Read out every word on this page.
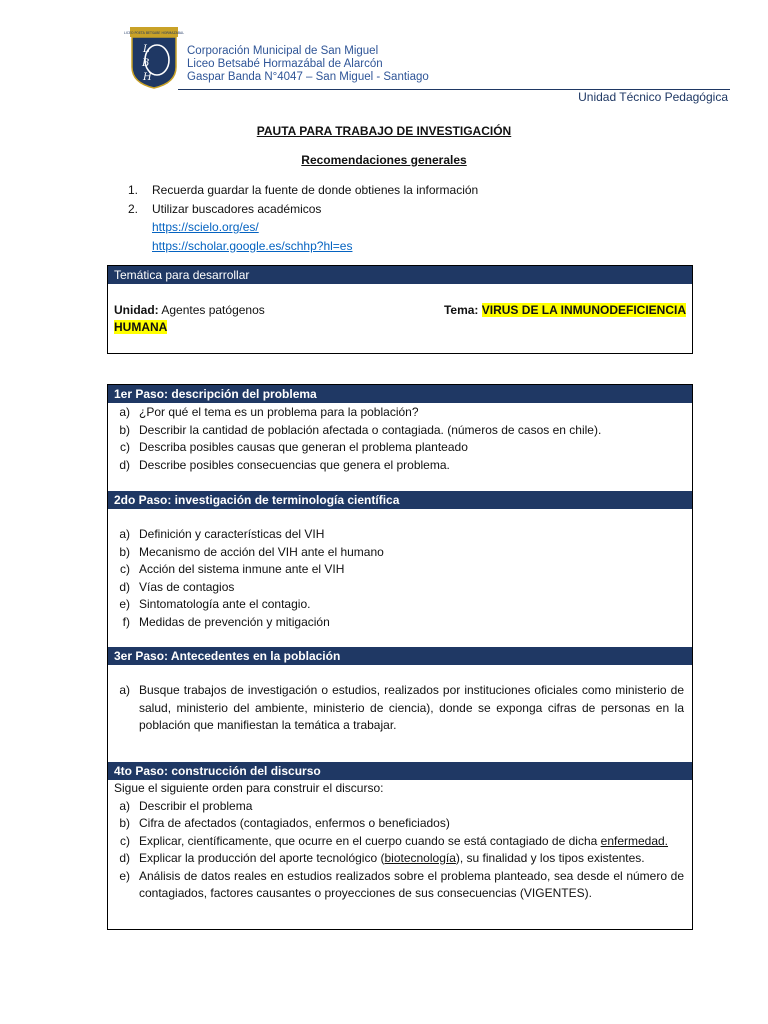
LICEO POETA BETSABE HORMAZABAL
L
B
H
Corporación Municipal de San Miguel
Liceo Betsabé Hormazábal de Alarcón
Gaspar Banda N°4047 – San Miguel - Santiago
Unidad Técnico Pedagógica
PAUTA PARA TRABAJO DE INVESTIGACIÓN
Recomendaciones generales
1.	Recuerda guardar la fuente de donde obtienes la información
2.	Utilizar buscadores académicos
https://scielo.org/es/
https://scholar.google.es/schhp?hl=es
Temática para desarrollar
Unidad: Agentes patógenos	Tema: VIRUS DE LA INMUNODEFICIENCIA
HUMANA
1er Paso: descripción del problema
a) ¿Por qué el tema es un problema para la población?
b) Describir la cantidad de población afectada o contagiada. (números de casos en chile).
c) Describa posibles causas que generan el problema planteado
d) Describe posibles consecuencias que genera el problema.
2do Paso: investigación de terminología científica
a) Definición y características del VIH
b) Mecanismo de acción del VIH ante el humano
c) Acción del sistema inmune ante el VIH
d) Vías de contagios
e) Sintomatología ante el contagio.
f) Medidas de prevención y mitigación
3er Paso: Antecedentes en la población
a) Busque trabajos de investigación o estudios, realizados por instituciones oficiales como ministerio de salud, ministerio del ambiente, ministerio de ciencia), donde se exponga cifras de personas en la población que manifiestan la temática a trabajar.
4to Paso: construcción del discurso
Sigue el siguiente orden para construir el discurso:
a) Describir el problema
b) Cifra de afectados (contagiados, enfermos o beneficiados)
c) Explicar, científicamente, que ocurre en el cuerpo cuando se está contagiado de dicha enfermedad.
d) Explicar la producción del aporte tecnológico (biotecnología), su finalidad y los tipos existentes.
e) Análisis de datos reales en estudios realizados sobre el problema planteado, sea desde el número de contagiados, factores causantes o proyecciones de sus consecuencias (VIGENTES).
